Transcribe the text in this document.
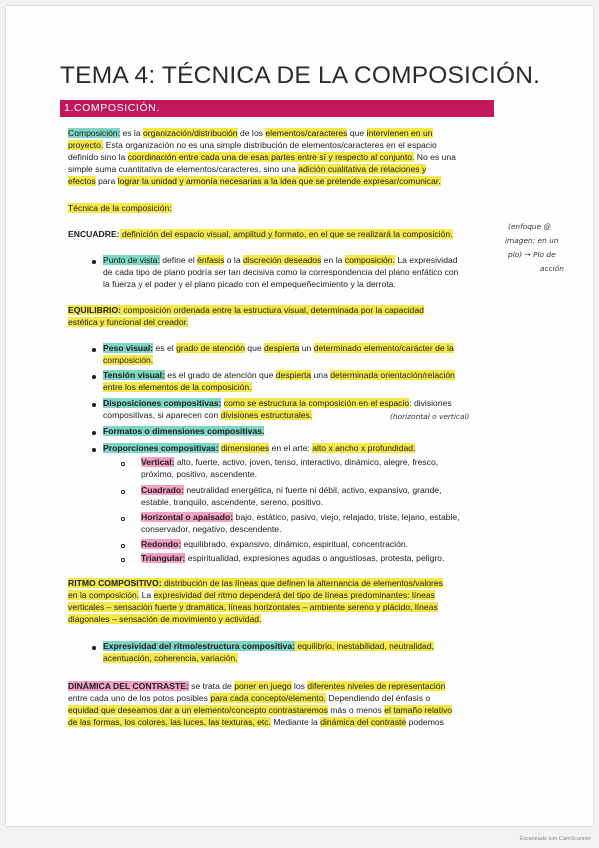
TEMA 4: TÉCNICA DE LA COMPOSICIÓN.
1.COMPOSICIÓN.
Composición: es la organización/distribución de los elementos/caracteres que intervienen en un
proyecto. Esta organización no es una simple distribución de elementos/caracteres en el espacio
definido sino la coordinación entre cada una de esas partes entre sí y respecto al conjunto. No es una
simple suma cuantitativa de elementos/caracteres, sino una adición cualitativa de relaciones y
efectos para lograr la unidad y armonía necesarias a la idea que se pretende expresar/comunicar.
Técnica de la composición:
ENCUADRE: definición del espacio visual, amplitud y formato, en el que se realizará la composición.
(enfoque @
imagen: en un
plo) → Plo de
acción
Punto de vista: define el énfasis o la discreción deseados en la composición. La expresividad
de cada tipo de plano podría ser tan decisiva como la correspondencia del plano enfático con
la fuerza y el poder y el plano picado con el empequeñecimiento y la derrota.
EQUILIBRIO: composición ordenada entre la estructura visual, determinada por la capacidad
estética y funcional del creador.
Peso visual: es el grado de atención que despierta un determinado elemento/carácter de la
composición.
Tensión visual: es el grado de atención que despierta una determinada orientación/relación
entre los elementos de la composición.
Disposiciones compositivas: como se estructura la composición en el espacio: divisiones
compositivas, si aparecen con divisiones estructurales.	(horizontal o vertical)
Formatos o dimensiones compositivas.
Proporciones compositivas: dimensiones en el arte: alto x ancho x profundidad.
Vertical: alto, fuerte, activo, joven, tenso, interactivo, dinámico, alegre, fresco,
próximo, positivo, ascendente.
Cuadrado: neutralidad energética, ni fuerte ni débil, activo, expansivo, grande,
estable, tranquilo, ascendente, sereno, positivo.
Horizontal o apaisado: bajo, estático, pasivo, viejo, relajado, triste, lejano, estable,
conservador, negativo, descendente.
Redondo: equilibrado, expansivo, dinámico, espiritual, concentración.
Triangular: espiritualidad, expresiones agudas o angustiosas, protesta, peligro.
RITMO COMPOSITIVO: distribución de las líneas que definen la alternancia de elementos/valores
en la composición. La expresividad del ritmo dependerá del tipo de líneas predominantes: líneas
verticales – sensación fuerte y dramática, líneas horizontales – ambiente sereno y plácido, líneas
diagonales – sensación de movimiento y actividad.
Expresividad del ritmo/estructura compositiva: equilibrio, inestabilidad, neutralidad,
acentuación, coherencia, variación.
DINÁMICA DEL CONTRASTE: se trata de poner en juego los diferentes niveles de representación
entre cada uno de los potos posibles para cada concepto/elemento. Dependiendo del énfasis o
equidad que deseamos dar a un elemento/concepto contrastaremos más o menos el tamaño relativo
de las formas, los colores, las luces, las texturas, etc. Mediante la dinámica del contraste podemos
Escaneado con CamScanner
